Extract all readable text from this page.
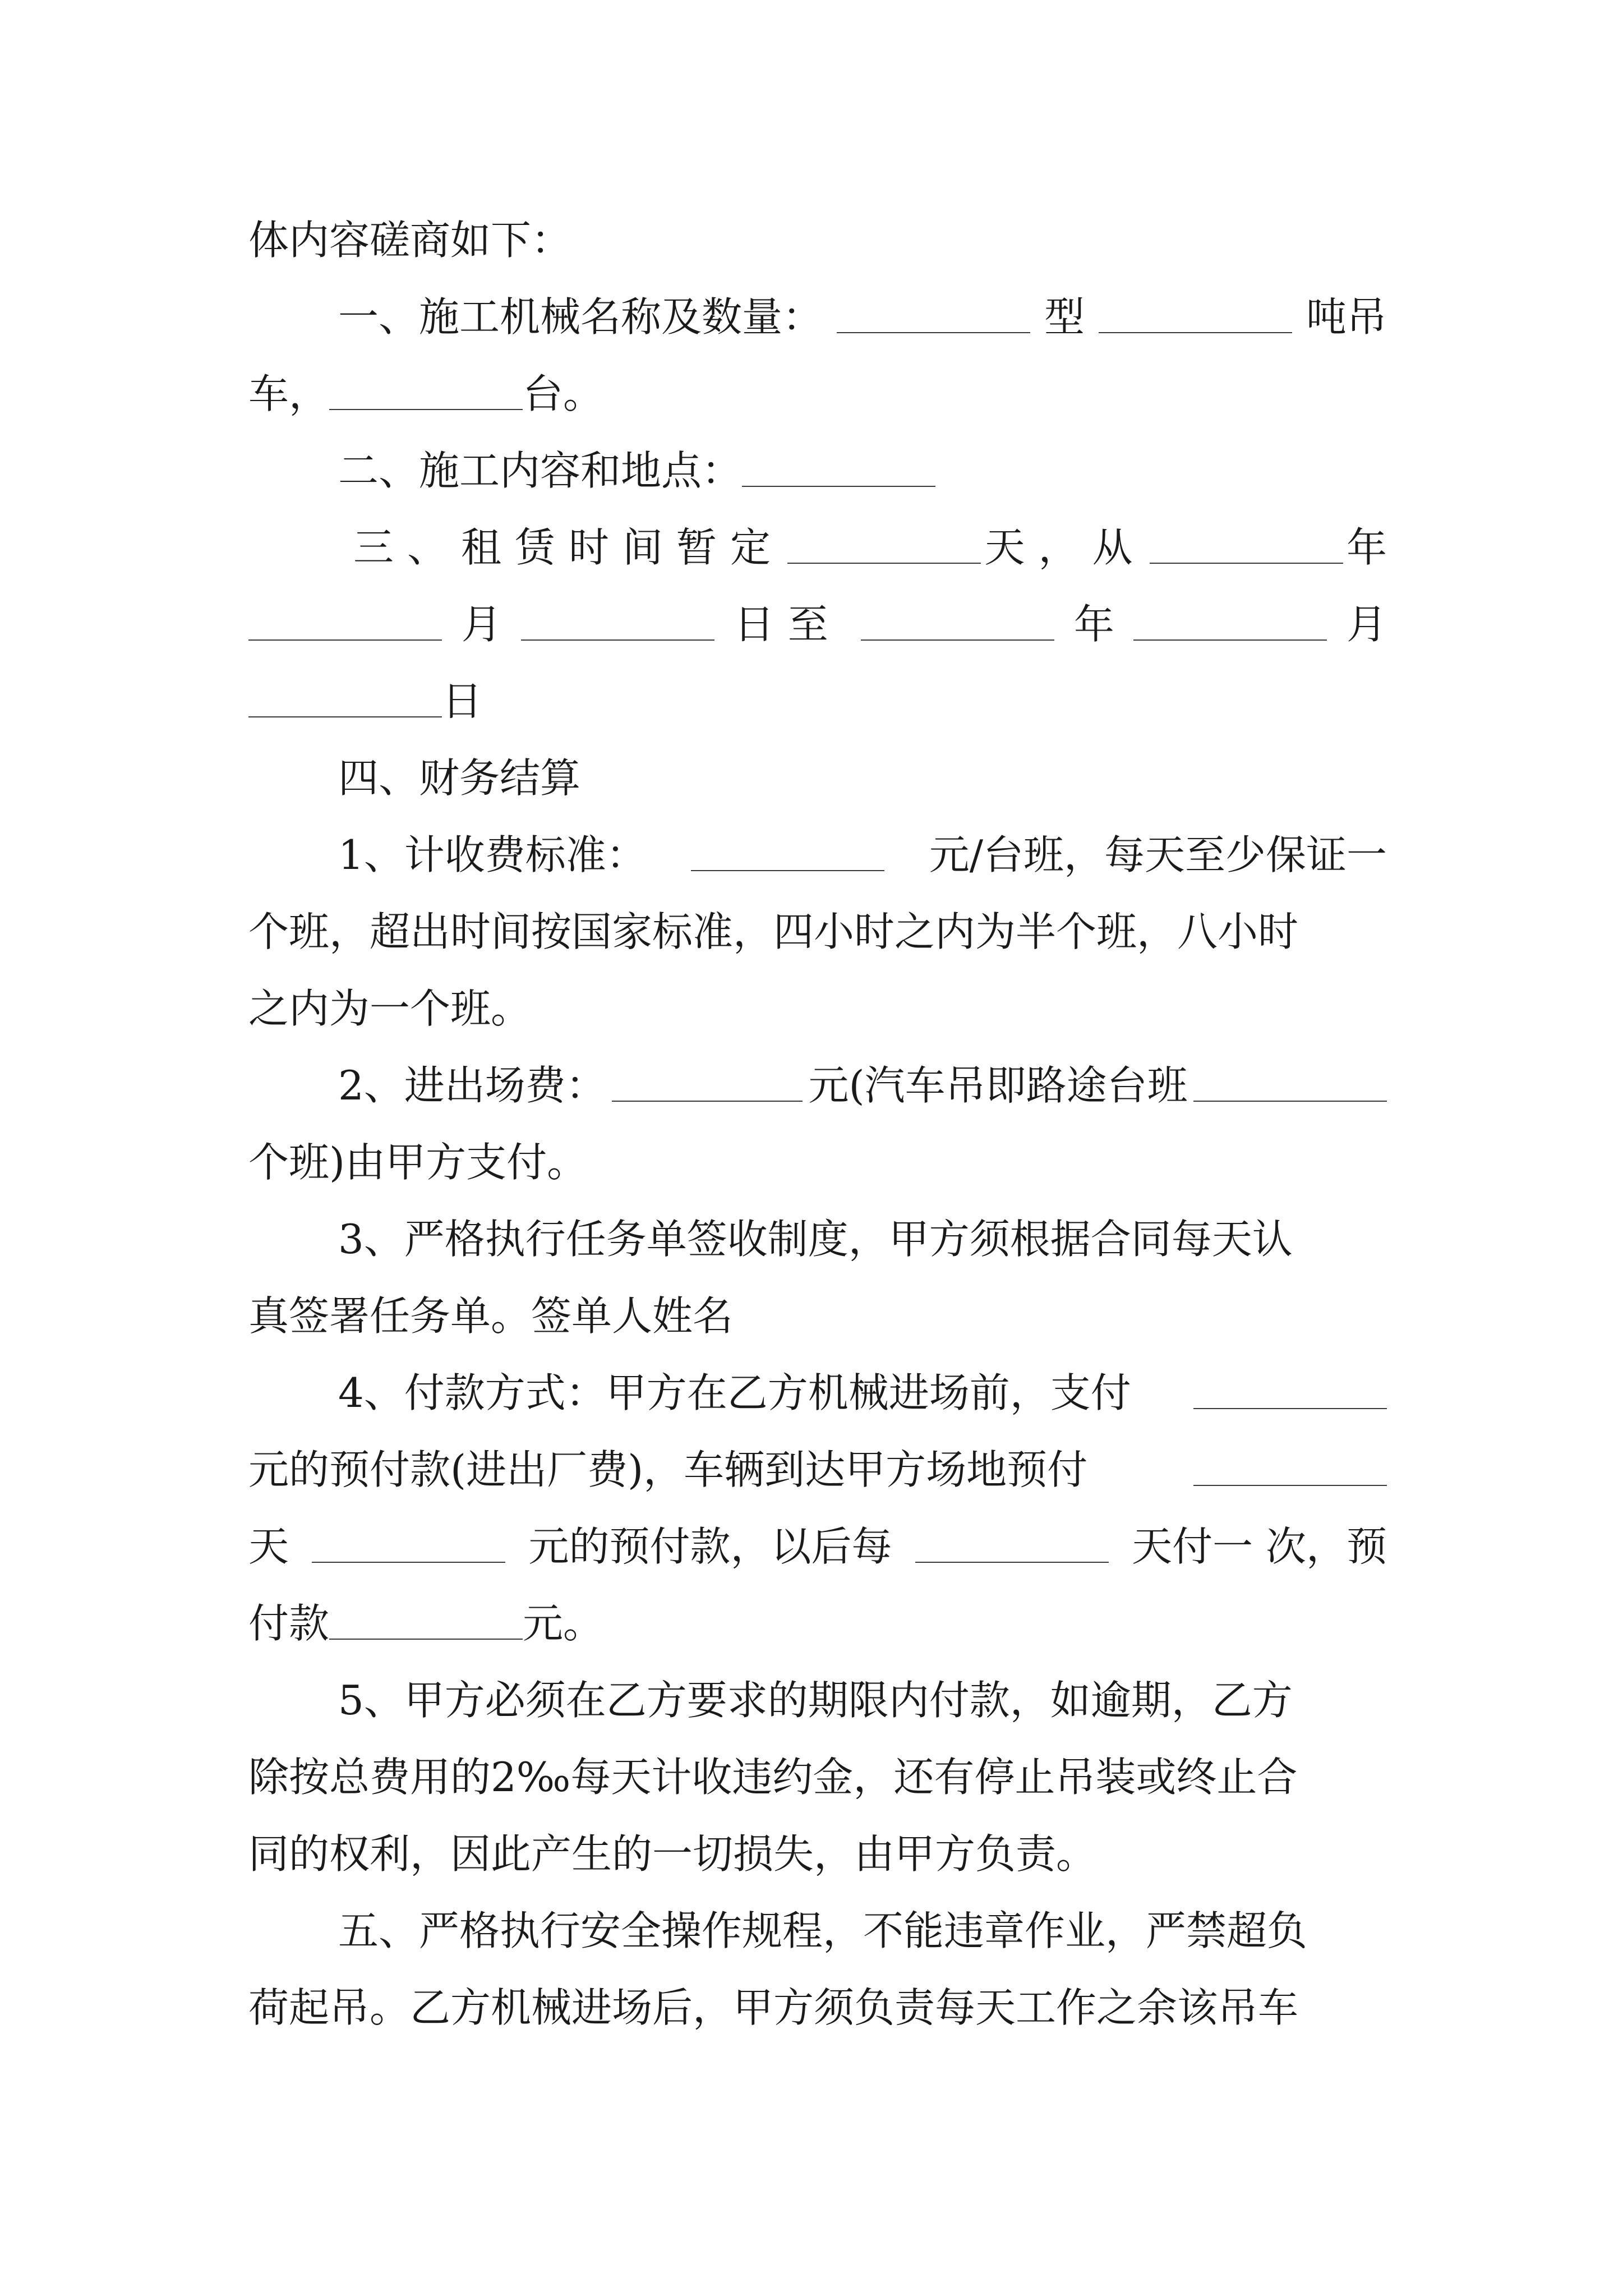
体内容磋商如下：
一、施工机械名称及数量：	型	吨吊
车，	台。
二、施工内容和地点：
三、租赁时间暂定	天，从	年
月	日至	年	月
日
四、财务结算
1、计收费标准：	元/台班，每天至少保证一
个班，超出时间按国家标准，四小时之内为半个班，八小时
之内为一个班。
2、进出场费：	元(汽车吊即路途台班
个班)由甲方支付。
3、严格执行任务单签收制度，甲方须根据合同每天认
真签署任务单。签单人姓名
4、付款方式：甲方在乙方机械进场前，支付
元的预付款(进出厂费)，车辆到达甲方场地预付
天	元的预付款，以后每	天付一 次，预
付款	元。
5、甲方必须在乙方要求的期限内付款，如逾期，乙方
除按总费用的2‰每天计收违约金，还有停止吊装或终止合
同的权利，因此产生的一切损失，由甲方负责。
五、严格执行安全操作规程，不能违章作业，严禁超负
荷起吊。乙方机械进场后，甲方须负责每天工作之余该吊车
